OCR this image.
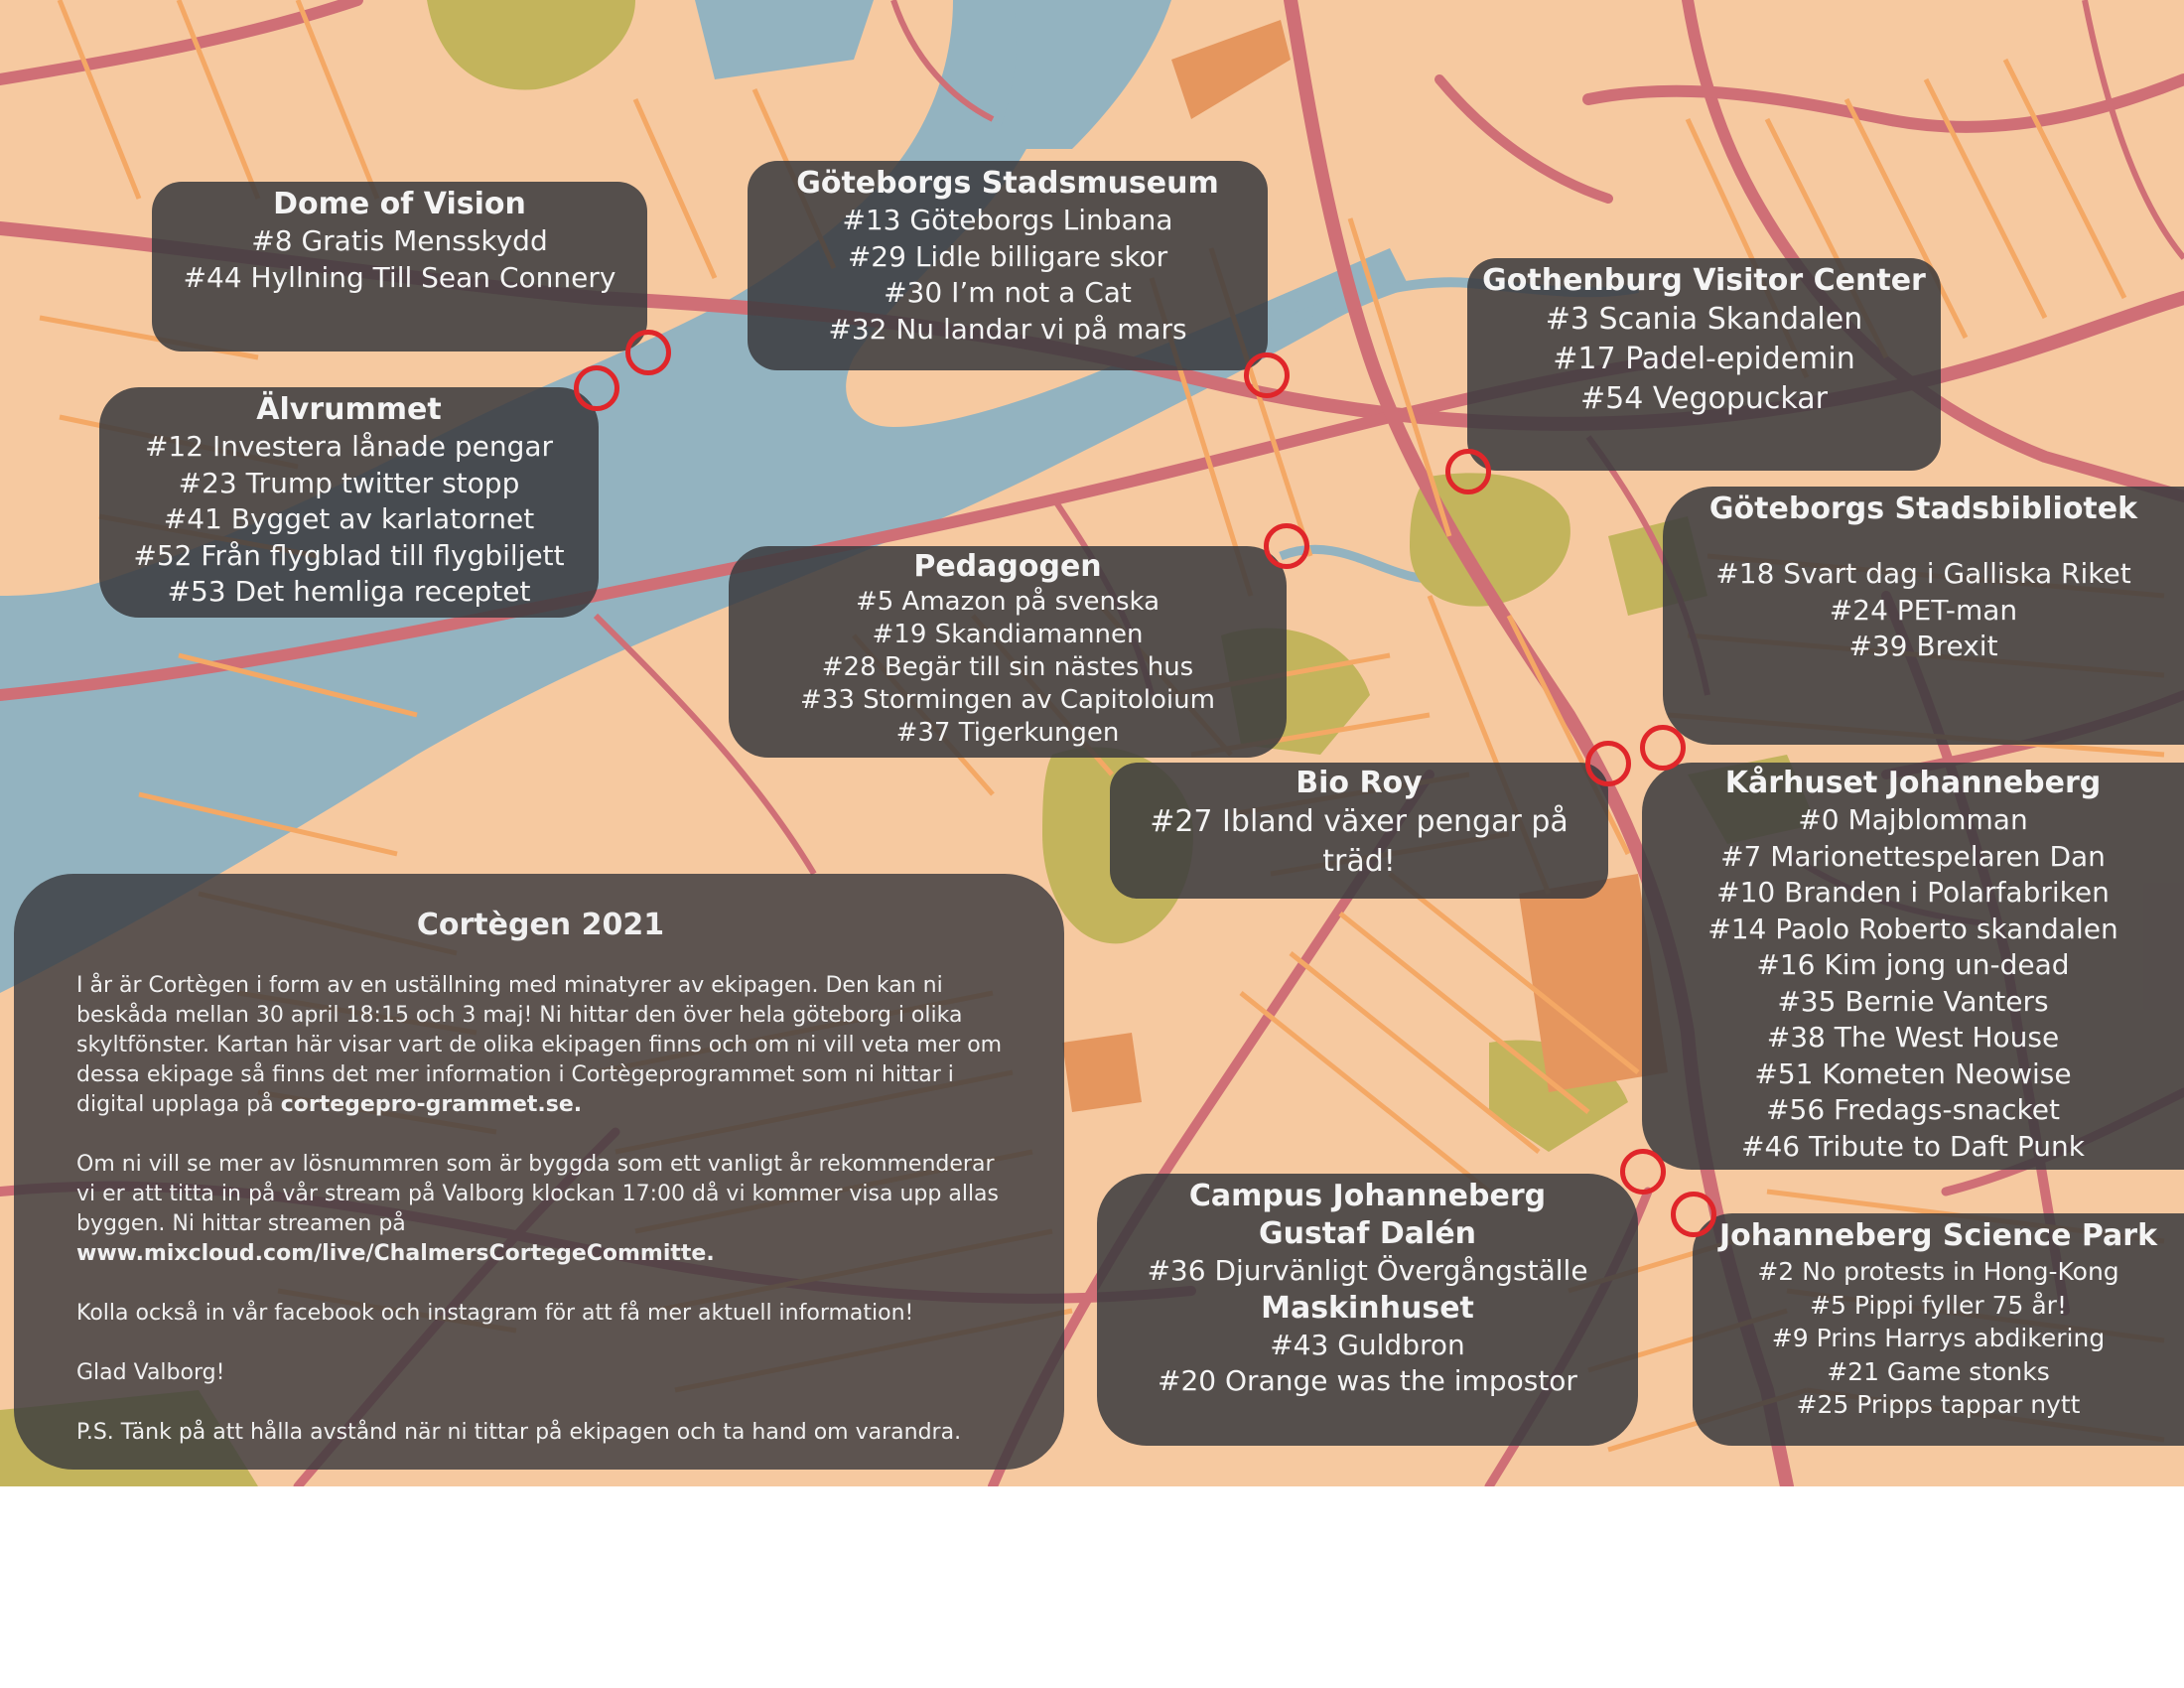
Dome of Vision
#8 Gratis Mensskydd
#44 Hyllning Till Sean Connery
Göteborgs Stadsmuseum
#13 Göteborgs Linbana
#29 Lidle billigare skor
#30 I’m not a Cat
#32 Nu landar vi på mars
Gothenburg Visitor Center
#3 Scania Skandalen
#17 Padel-epidemin
#54 Vegopuckar
Älvrummet
#12 Investera lånade pengar
#23 Trump twitter stopp
#41 Bygget av karlatornet
#52 Från flygblad till flygbiljett
#53 Det hemliga receptet
Pedagogen
#5 Amazon på svenska
#19 Skandiamannen
#28 Begär till sin nästes hus
#33 Stormingen av Capitoloium
#37 Tigerkungen
Göteborgs Stadsbibliotek
#18 Svart dag i Galliska Riket
#24 PET-man
#39 Brexit
Bio Roy
#27 Ibland växer pengar på
träd!
Kårhuset Johanneberg
#0 Majblomman
#7 Marionettespelaren Dan
#10 Branden i Polarfabriken
#14 Paolo Roberto skandalen
#16 Kim jong un-dead
#35 Bernie Vanters
#38 The West House
#51 Kometen Neowise
#56 Fredags-snacket
#46 Tribute to Daft Punk
Campus Johanneberg
Gustaf Dalén
#36 Djurvänligt Övergångställe
Maskinhuset
#43 Guldbron
#20 Orange was the impostor
Johanneberg Science Park
#2 No protests in Hong-Kong
#5 Pippi fyller 75 år!
#9 Prins Harrys abdikering
#21 Game stonks
#25 Pripps tappar nytt
Cortègen 2021

I år är Cortègen i form av en uställning med minatyrer av ekipagen. Den kan ni beskåda mellan 30 april 18:15 och 3 maj! Ni hittar den över hela göteborg i olika skyltfönster. Kartan här visar vart de olika ekipagen finns och om ni vill veta mer om dessa ekipage så finns det mer information i Cortègeprogrammet som ni hittar i digital upplaga på cortegepro-grammet.se.

Om ni vill se mer av lösnummren som är byggda som ett vanligt år rekommenderar vi er att titta in på vår stream på Valborg klockan 17:00 då vi kommer visa upp allas byggen. Ni hittar streamen på www.mixcloud.com/live/ChalmersCortegeCommitte.

Kolla också in vår facebook och instagram för att få mer aktuell information!

Glad Valborg!

P.S. Tänk på att hålla avstånd när ni tittar på ekipagen och ta hand om varandra.
